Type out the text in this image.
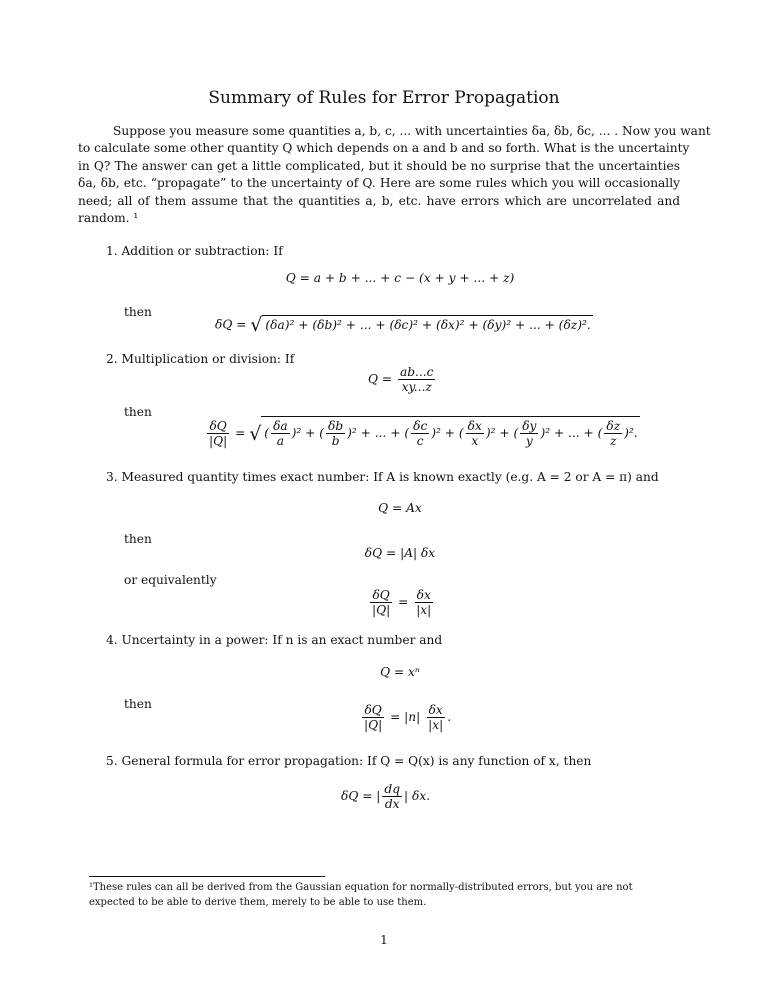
Summary of Rules for Error Propagation
Suppose you measure some quantities a, b, c, ... with uncertainties δa, δb, δc, ... . Now you want
to calculate some other quantity Q which depends on a and b and so forth. What is the uncertainty
in Q? The answer can get a little complicated, but it should be no surprise that the uncertainties
δa, δb, etc. “propagate” to the uncertainty of Q. Here are some rules which you will occasionally
need; all of them assume that the quantities a, b, etc. have errors which are uncorrelated and
random. ¹
1. Addition or subtraction: If
Q = a + b + ... + c − (x + y + ... + z)
then
δQ = √ (δa)² + (δb)² + ... + (δc)² + (δx)² + (δy)² + ... + (δz)².
2. Multiplication or division: If
$Q = \frac{ab...c}{xy...z}$
then
$\frac{\delta Q}{|Q|}$ = √ ( $\frac{\delta a}{a} )^2$ + ( $\frac{\delta b}{b} )^2$ + ... + ( $\frac{\delta c}{c} )^2$ + ( $\frac{\delta x}{x} )^2$ + ( $\frac{\delta y}{y} )^2$ + ... + ( $\frac{\delta z}{z} )^2$.
3. Measured quantity times exact number: If A is known exactly (e.g. A = 2 or A = π) and
Q = Ax
then
δQ = |A| δx
or equivalently
$\frac{\delta Q}{|Q|} = \frac{\delta x}{|x|}$
4. Uncertainty in a power: If n is an exact number and
Q = xⁿ
then	$\frac{\delta Q}{|Q|} = |n| \frac{\delta x}{|x|}$ .
5. General formula for error propagation: If Q = Q(x) is any function of x, then
δQ = | $\frac{dq}{dx}$ | δx.
¹These rules can all be derived from the Gaussian equation for normally-distributed errors, but you are not expected to be able to derive them, merely to be able to use them.
1
